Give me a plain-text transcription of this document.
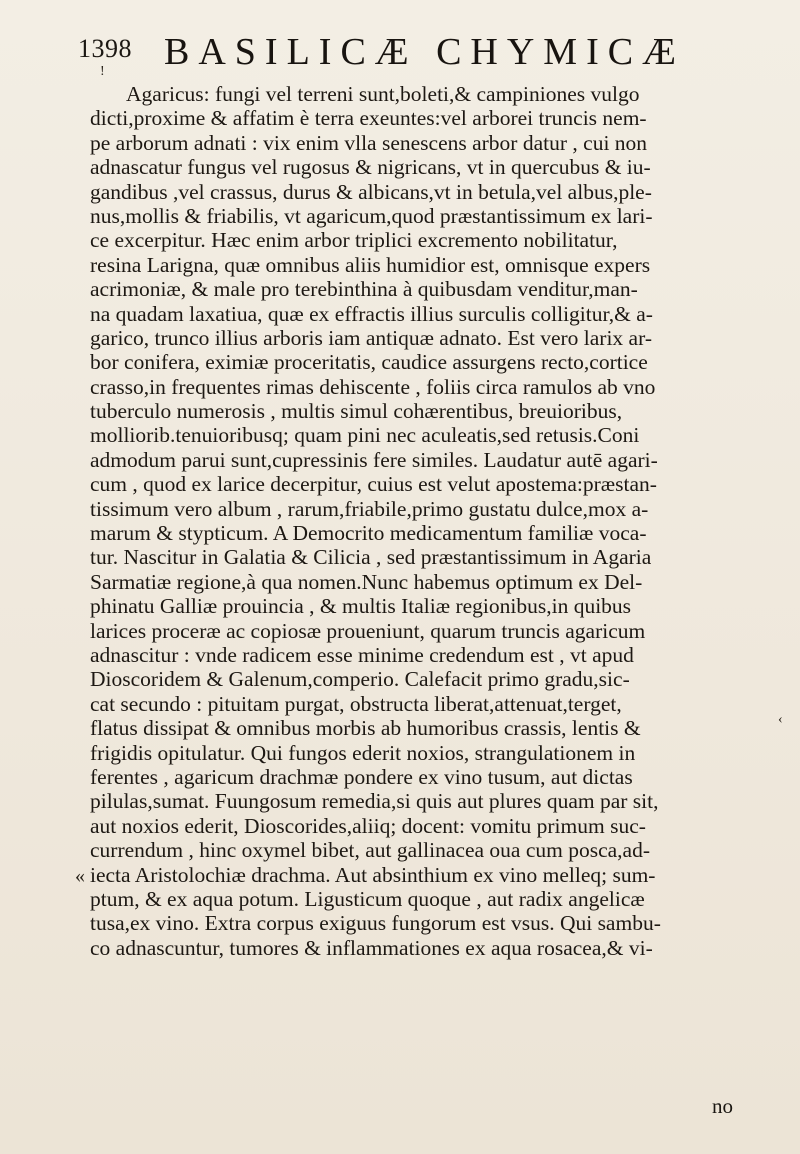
1398 BASILICÆ CHYMICÆ
!
«
‹
Agaricus: fungi vel terreni sunt,boleti,& campiniones vulgo
dicti,proxime & affatim è terra exeuntes:vel arborei truncis nem-
pe arborum adnati : vix enim vlla senescens arbor datur , cui non
adnascatur fungus vel rugosus & nigricans, vt in quercubus & iu-
gandibus ,vel crassus, durus & albicans,vt in betula,vel albus,ple-
nus,mollis & friabilis, vt agaricum,quod præstantissimum ex lari-
ce excerpitur. Hæc enim arbor triplici excremento nobilitatur,
resina Larigna, quæ omnibus aliis humidior est, omnisque expers
acrimoniæ, & male pro terebinthina à quibusdam venditur,man-
na quadam laxatiua, quæ ex effractis illius surculis colligitur,& a-
garico, trunco illius arboris iam antiquæ adnato. Est vero larix ar-
bor conifera, eximiæ proceritatis, caudice assurgens recto,cortice
crasso,in frequentes rimas dehiscente , foliis circa ramulos ab vno
tuberculo numerosis , multis simul cohærentibus, breuioribus,
molliorib.tenuioribusq; quam pini nec aculeatis,sed retusis.Coni
admodum parui sunt,cupressinis fere similes. Laudatur autē agari-
cum , quod ex larice decerpitur, cuius est velut apostema:præstan-
tissimum vero album , rarum,friabile,primo gustatu dulce,mox a-
marum & stypticum. A Democrito medicamentum familiæ voca-
tur. Nascitur in Galatia & Cilicia , sed præstantissimum in Agaria
Sarmatiæ regione,à qua nomen.Nunc habemus optimum ex Del-
phinatu Galliæ prouincia , & multis Italiæ regionibus,in quibus
larices proceræ ac copiosæ proueniunt, quarum truncis agaricum
adnascitur : vnde radicem esse minime credendum est , vt apud
Dioscoridem & Galenum,comperio. Calefacit primo gradu,sic-
cat secundo : pituitam purgat, obstructa liberat,attenuat,terget,
flatus dissipat & omnibus morbis ab humoribus crassis, lentis &
frigidis opitulatur. Qui fungos ederit noxios, strangulationem in
ferentes , agaricum drachmæ pondere ex vino tusum, aut dictas
pilulas,sumat. Fuungosum remedia,si quis aut plures quam par sit,
aut noxios ederit, Dioscorides,aliiq; docent: vomitu primum suc-
currendum , hinc oxymel bibet, aut gallinacea oua cum posca,ad-
iecta Aristolochiæ drachma. Aut absinthium ex vino melleq; sum-
ptum, & ex aqua potum. Ligusticum quoque , aut radix angelicæ
tusa,ex vino. Extra corpus exiguus fungorum est vsus. Qui sambu-
co adnascuntur, tumores & inflammationes ex aqua rosacea,& vi-
no
